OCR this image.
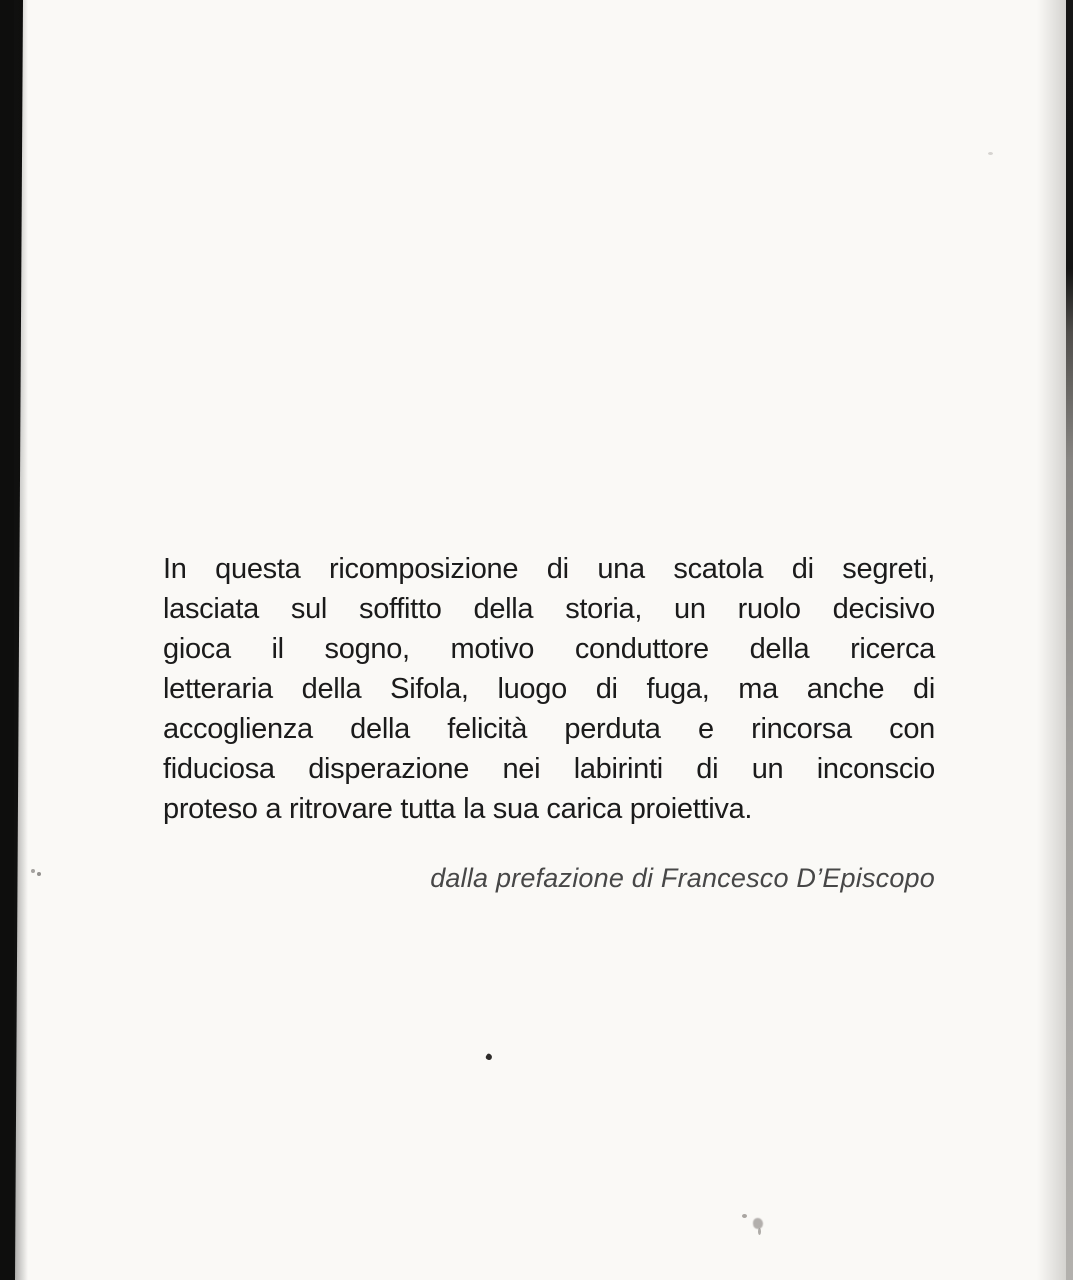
In questa ricomposizione di una scatola di segreti,
lasciata sul soffitto della storia, un ruolo decisivo
gioca il sogno, motivo conduttore della ricerca
letteraria della Sifola, luogo di fuga, ma anche di
accoglienza della felicità perduta e rincorsa con
fiduciosa disperazione nei labirinti di un inconscio
proteso a ritrovare tutta la sua carica proiettiva.
dalla prefazione di Francesco D’Episcopo
